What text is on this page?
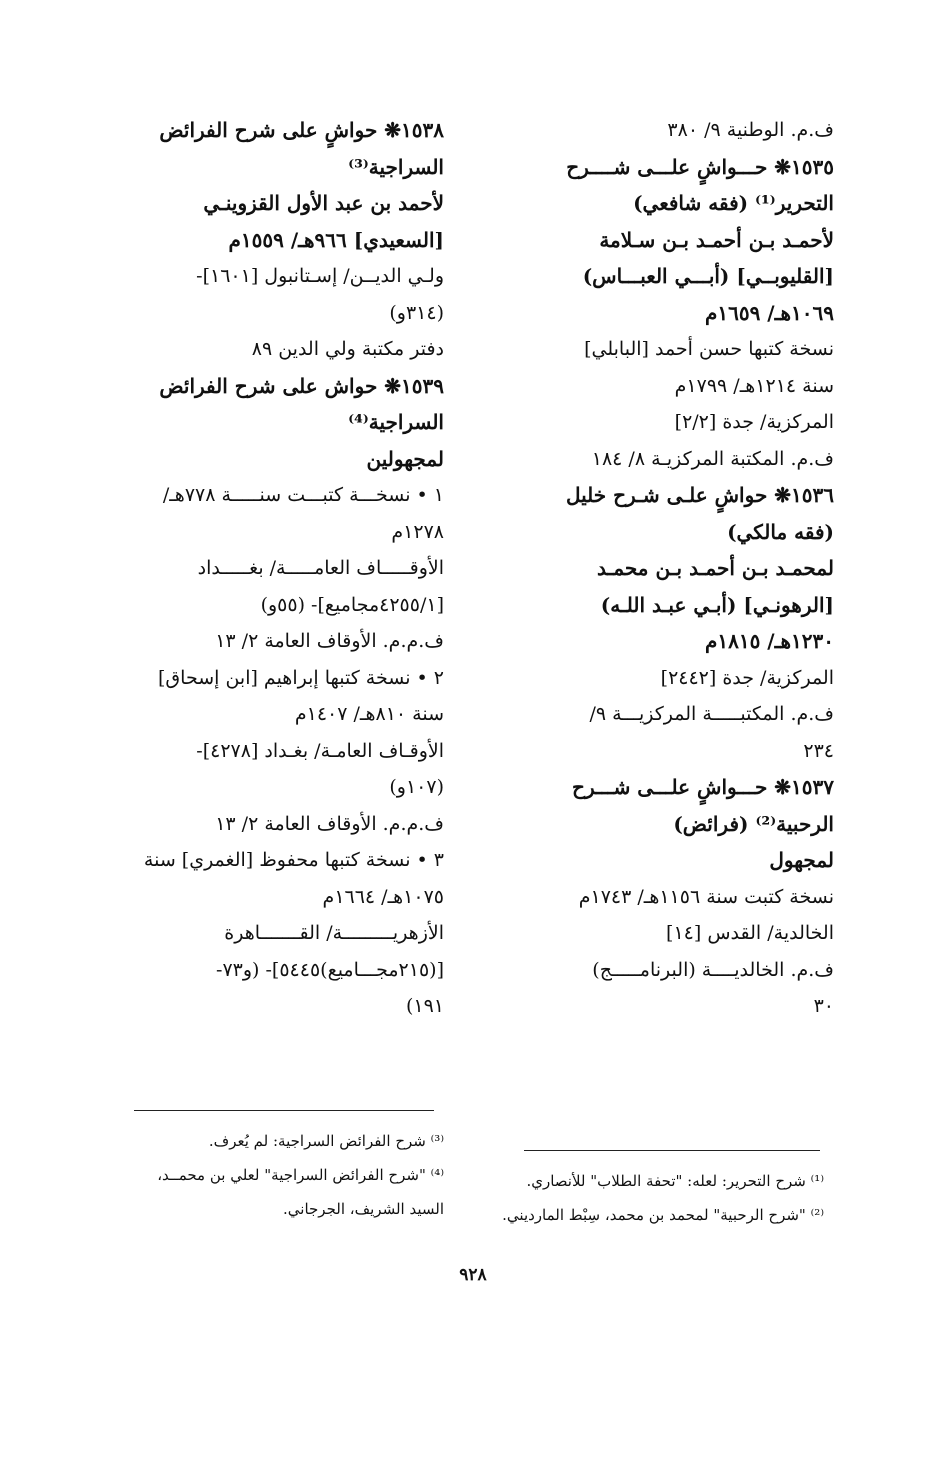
ف.م. الوطنية ٩/ ٣٨٠
١٥٣٥❋ حـــواشٍ علـــى شــــرح
التحرير⁽¹⁾ (فقه شافعي)
لأحمـد بـن أحمـد بـن سـلامة
[القليوبــي] (أبـــي العبـــاس)
١٠٦٩هـ/ ١٦٥٩م
نسخة كتبها حسن أحمد [البابلي]
سنة ١٢١٤هـ/ ١٧٩٩م
المركزية/ جدة [٢/٢]
ف.م. المكتبة المركزيـة ٨/ ١٨٤
١٥٣٦❋ حواشٍ علـى شـرح خليل
(فقه مالكي)
لمحمـد بـن أحمـد بـن محمـد
[الرهونـي] (أبـي عبـد اللـه)
١٢٣٠هـ/ ١٨١٥م
المركزية/ جدة [٢٤٤٢]
ف.م. المكتبـــــة المركزيـــة ٩/
٢٣٤
١٥٣٧❋ حـــواشٍ علـــى شـــرح
الرحبية⁽²⁾ (فرائض)
لمجهول
نسخة كتبت سنة ١١٥٦هـ/ ١٧٤٣م
الخالدية/ القدس [١٤]
ف.م. الخالديــــة (البرنامـــــج)
٣٠
١٥٣٨❋ حواشٍ على شرح الفرائض
السراجية⁽³⁾
لأحمد بن عبد الأول القزوينـي
[السعيدي] ٩٦٦هـ/ ١٥٥٩م
ولـي الديــن/ إسـتانبول [١٦٠١]-
(٣١٤و)
دفتر مكتبة ولي الدين ٨٩
١٥٣٩❋ حواش على شرح الفرائض
السراجية⁽⁴⁾
لمجهولين
١ • نسخـــة كتبـــت سنـــــة ٧٧٨هـ/
١٢٧٨م
الأوقـــــاف العامـــــة/ بغـــــداد
[٤٢٥٥/١مجاميع]- (٥٥و)
ف.م.م. الأوقاف العامة ٢/ ١٣
٢ • نسخة كتبها إبراهيم [ابن إسحاق]
سنة ٨١٠هـ/ ١٤٠٧م
الأوقـاف العامـة/ بغـداد [٤٢٧٨]-
(١٠٧و)
ف.م.م. الأوقاف العامة ٢/ ١٣
٣ • نسخة كتبها محفوظ [الغمري] سنة
١٠٧٥هـ/ ١٦٦٤م
الأزهريـــــــــة/ القـــــــاهرة
[(٢١٥مجـــاميع)٥٤٤٥]- (و٧٣-
١٩١)
⁽³⁾ شرح الفرائض السراجية: لم يُعرف.
⁽⁴⁾ "شرح الفرائض السراجية" لعلي بن محمــد،
السيد الشريف، الجرجاني.
⁽¹⁾ شرح التحرير: لعله: "تحفة الطلاب" للأنصاري.
⁽²⁾ "شرح الرحبية" لمحمد بن محمد، سِبْط المارديني.
٩٢٨
